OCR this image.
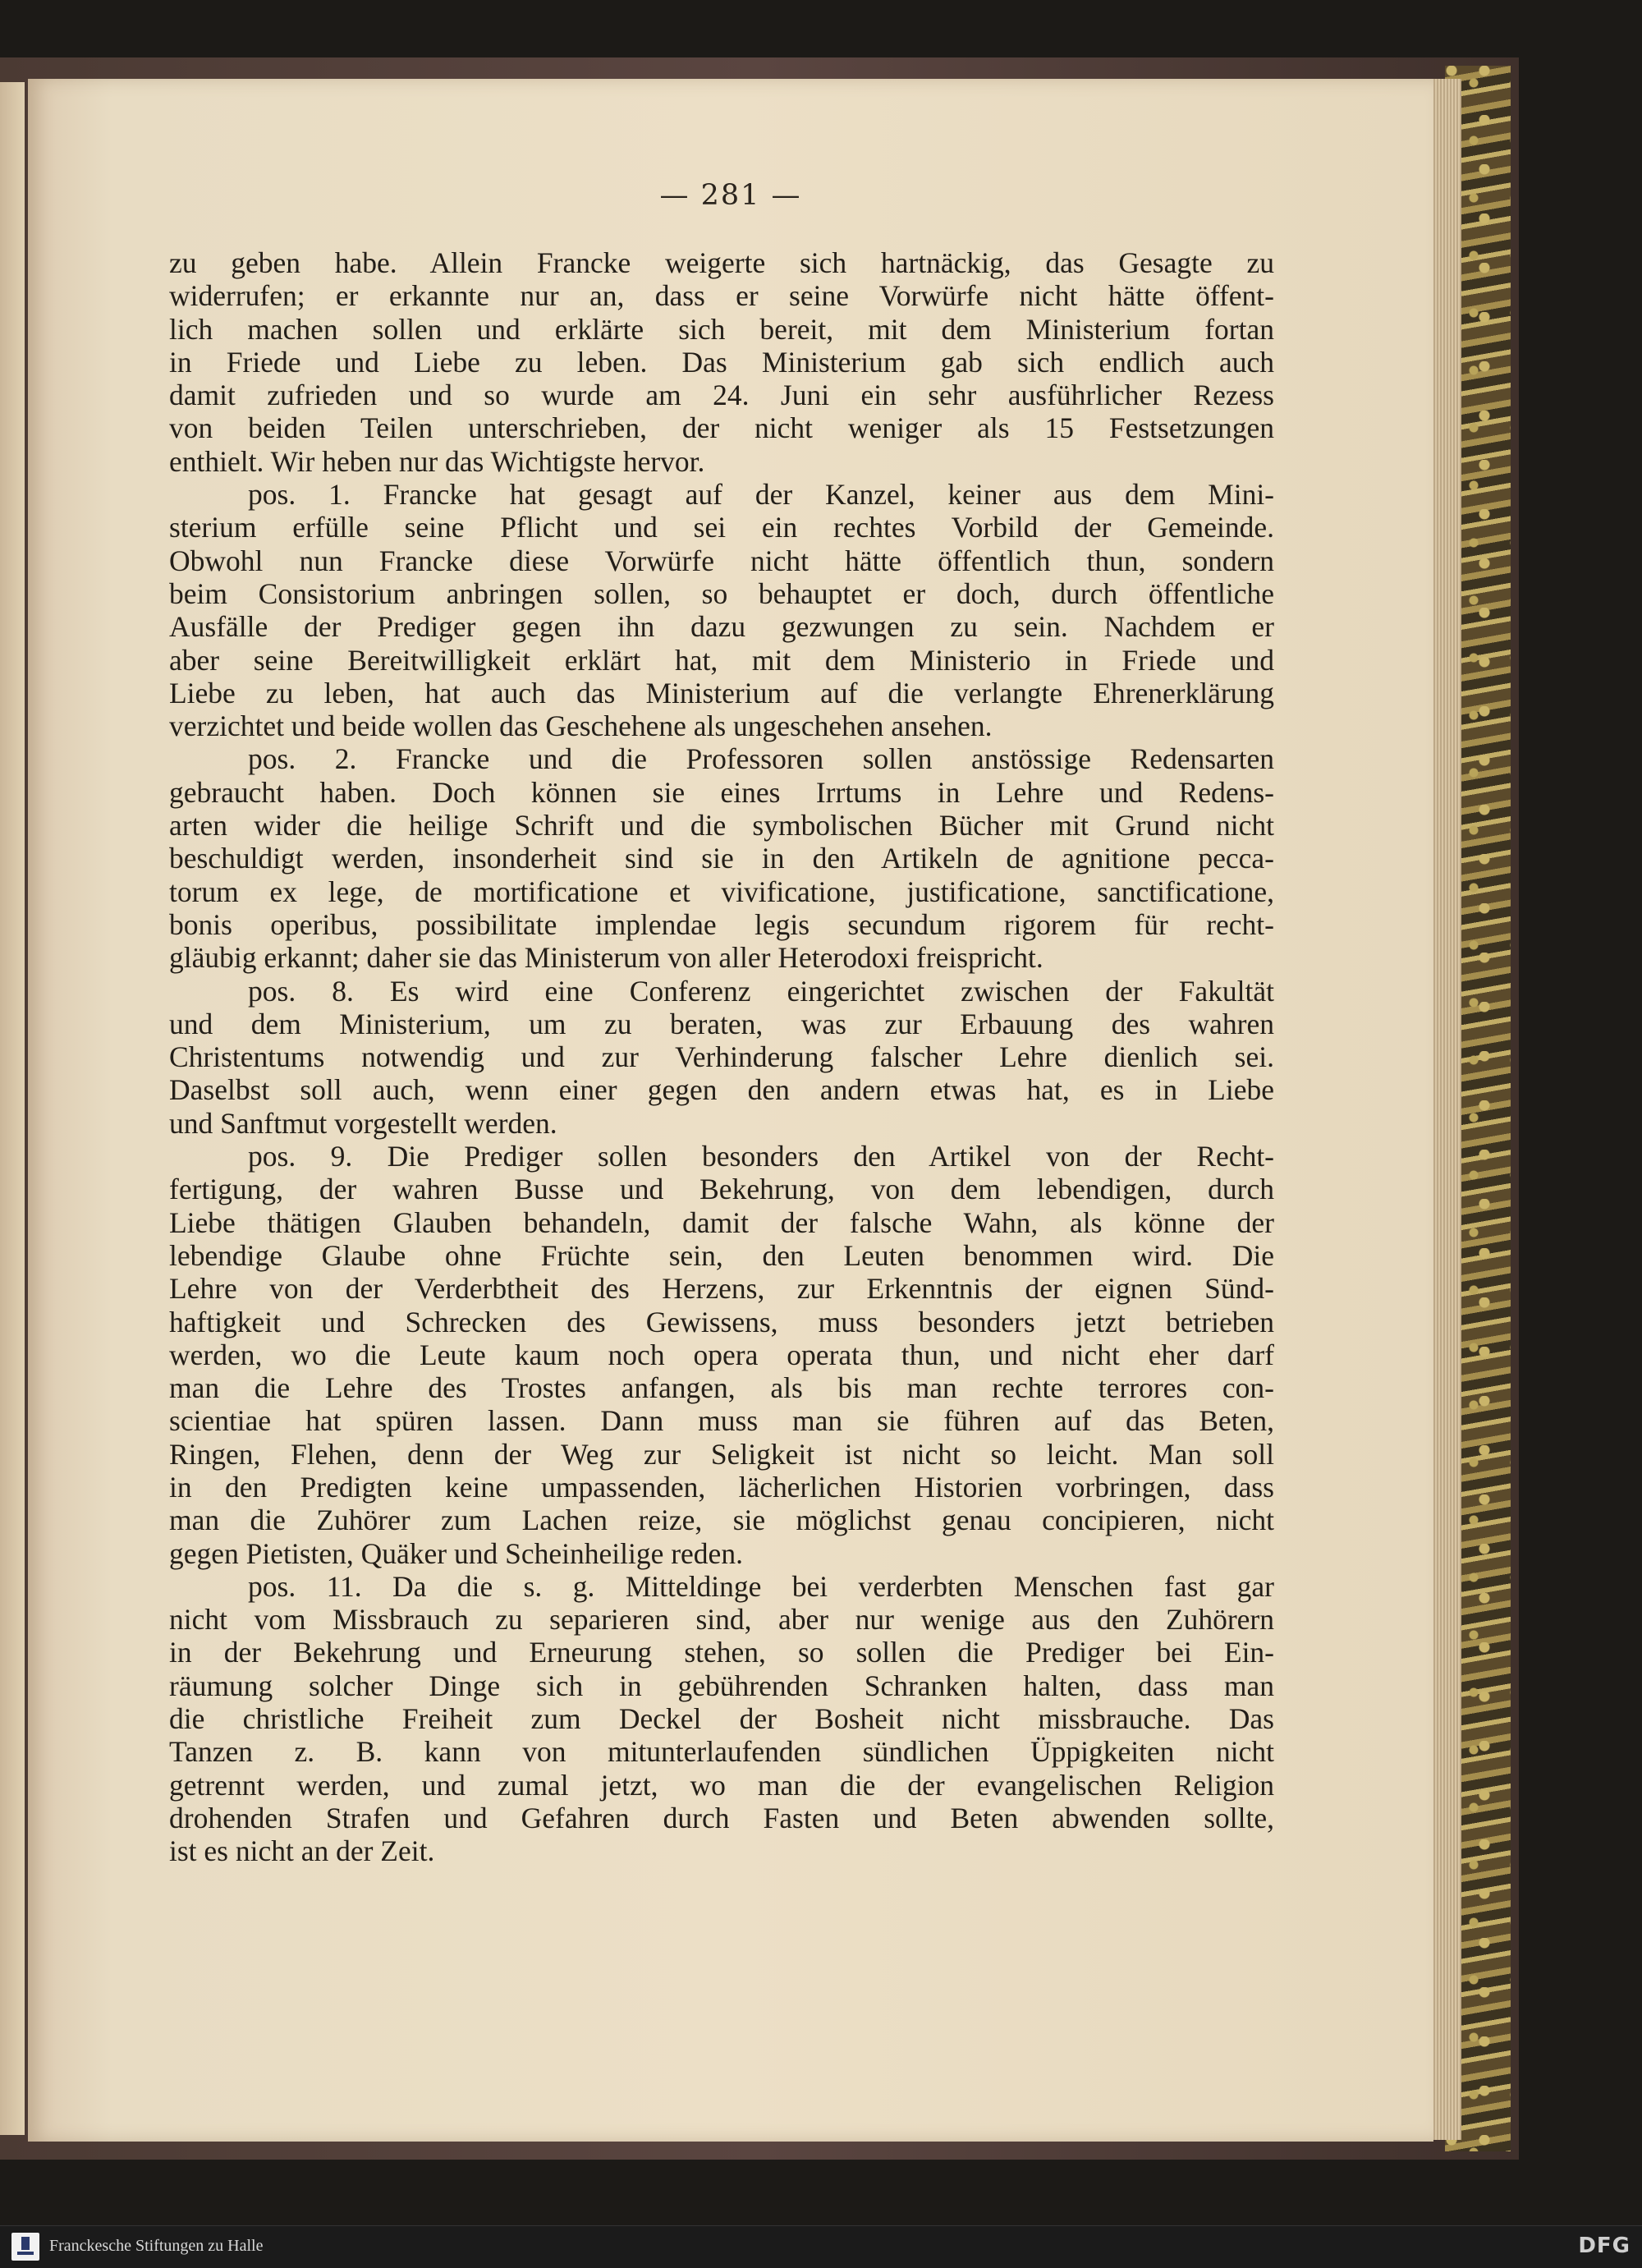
— 281 —
zu geben habe. Allein Francke weigerte sich hartnäckig, das Gesagte zu
widerrufen; er erkannte nur an, dass er seine Vorwürfe nicht hätte öffent-
lich machen sollen und erklärte sich bereit, mit dem Ministerium fortan
in Friede und Liebe zu leben. Das Ministerium gab sich endlich auch
damit zufrieden und so wurde am 24. Juni ein sehr ausführlicher Rezess
von beiden Teilen unterschrieben, der nicht weniger als 15 Festsetzungen
enthielt. Wir heben nur das Wichtigste hervor.
pos. 1. Francke hat gesagt auf der Kanzel, keiner aus dem Mini-
sterium erfülle seine Pflicht und sei ein rechtes Vorbild der Gemeinde.
Obwohl nun Francke diese Vorwürfe nicht hätte öffentlich thun, sondern
beim Consistorium anbringen sollen, so behauptet er doch, durch öffentliche
Ausfälle der Prediger gegen ihn dazu gezwungen zu sein. Nachdem er
aber seine Bereitwilligkeit erklärt hat, mit dem Ministerio in Friede und
Liebe zu leben, hat auch das Ministerium auf die verlangte Ehrenerklärung
verzichtet und beide wollen das Geschehene als ungeschehen ansehen.
pos. 2. Francke und die Professoren sollen anstössige Redensarten
gebraucht haben. Doch können sie eines Irrtums in Lehre und Redens-
arten wider die heilige Schrift und die symbolischen Bücher mit Grund nicht
beschuldigt werden, insonderheit sind sie in den Artikeln de agnitione pecca-
torum ex lege, de mortificatione et vivificatione, justificatione, sanctificatione,
bonis operibus, possibilitate implendae legis secundum rigorem für recht-
gläubig erkannt; daher sie das Ministerum von aller Heterodoxi freispricht.
pos. 8. Es wird eine Conferenz eingerichtet zwischen der Fakultät
und dem Ministerium, um zu beraten, was zur Erbauung des wahren
Christentums notwendig und zur Verhinderung falscher Lehre dienlich sei.
Daselbst soll auch, wenn einer gegen den andern etwas hat, es in Liebe
und Sanftmut vorgestellt werden.
pos. 9. Die Prediger sollen besonders den Artikel von der Recht-
fertigung, der wahren Busse und Bekehrung, von dem lebendigen, durch
Liebe thätigen Glauben behandeln, damit der falsche Wahn, als könne der
lebendige Glaube ohne Früchte sein, den Leuten benommen wird. Die
Lehre von der Verderbtheit des Herzens, zur Erkenntnis der eignen Sünd-
haftigkeit und Schrecken des Gewissens, muss besonders jetzt betrieben
werden, wo die Leute kaum noch opera operata thun, und nicht eher darf
man die Lehre des Trostes anfangen, als bis man rechte terrores con-
scientiae hat spüren lassen. Dann muss man sie führen auf das Beten,
Ringen, Flehen, denn der Weg zur Seligkeit ist nicht so leicht. Man soll
in den Predigten keine umpassenden, lächerlichen Historien vorbringen, dass
man die Zuhörer zum Lachen reize, sie möglichst genau concipieren, nicht
gegen Pietisten, Quäker und Scheinheilige reden.
pos. 11. Da die s. g. Mitteldinge bei verderbten Menschen fast gar
nicht vom Missbrauch zu separieren sind, aber nur wenige aus den Zuhörern
in der Bekehrung und Erneurung stehen, so sollen die Prediger bei Ein-
räumung solcher Dinge sich in gebührenden Schranken halten, dass man
die christliche Freiheit zum Deckel der Bosheit nicht missbrauche. Das
Tanzen z. B. kann von mitunterlaufenden sündlichen Üppigkeiten nicht
getrennt werden, und zumal jetzt, wo man die der evangelischen Religion
drohenden Strafen und Gefahren durch Fasten und Beten abwenden sollte,
ist es nicht an der Zeit.
Franckesche Stiftungen zu Halle	DFG
